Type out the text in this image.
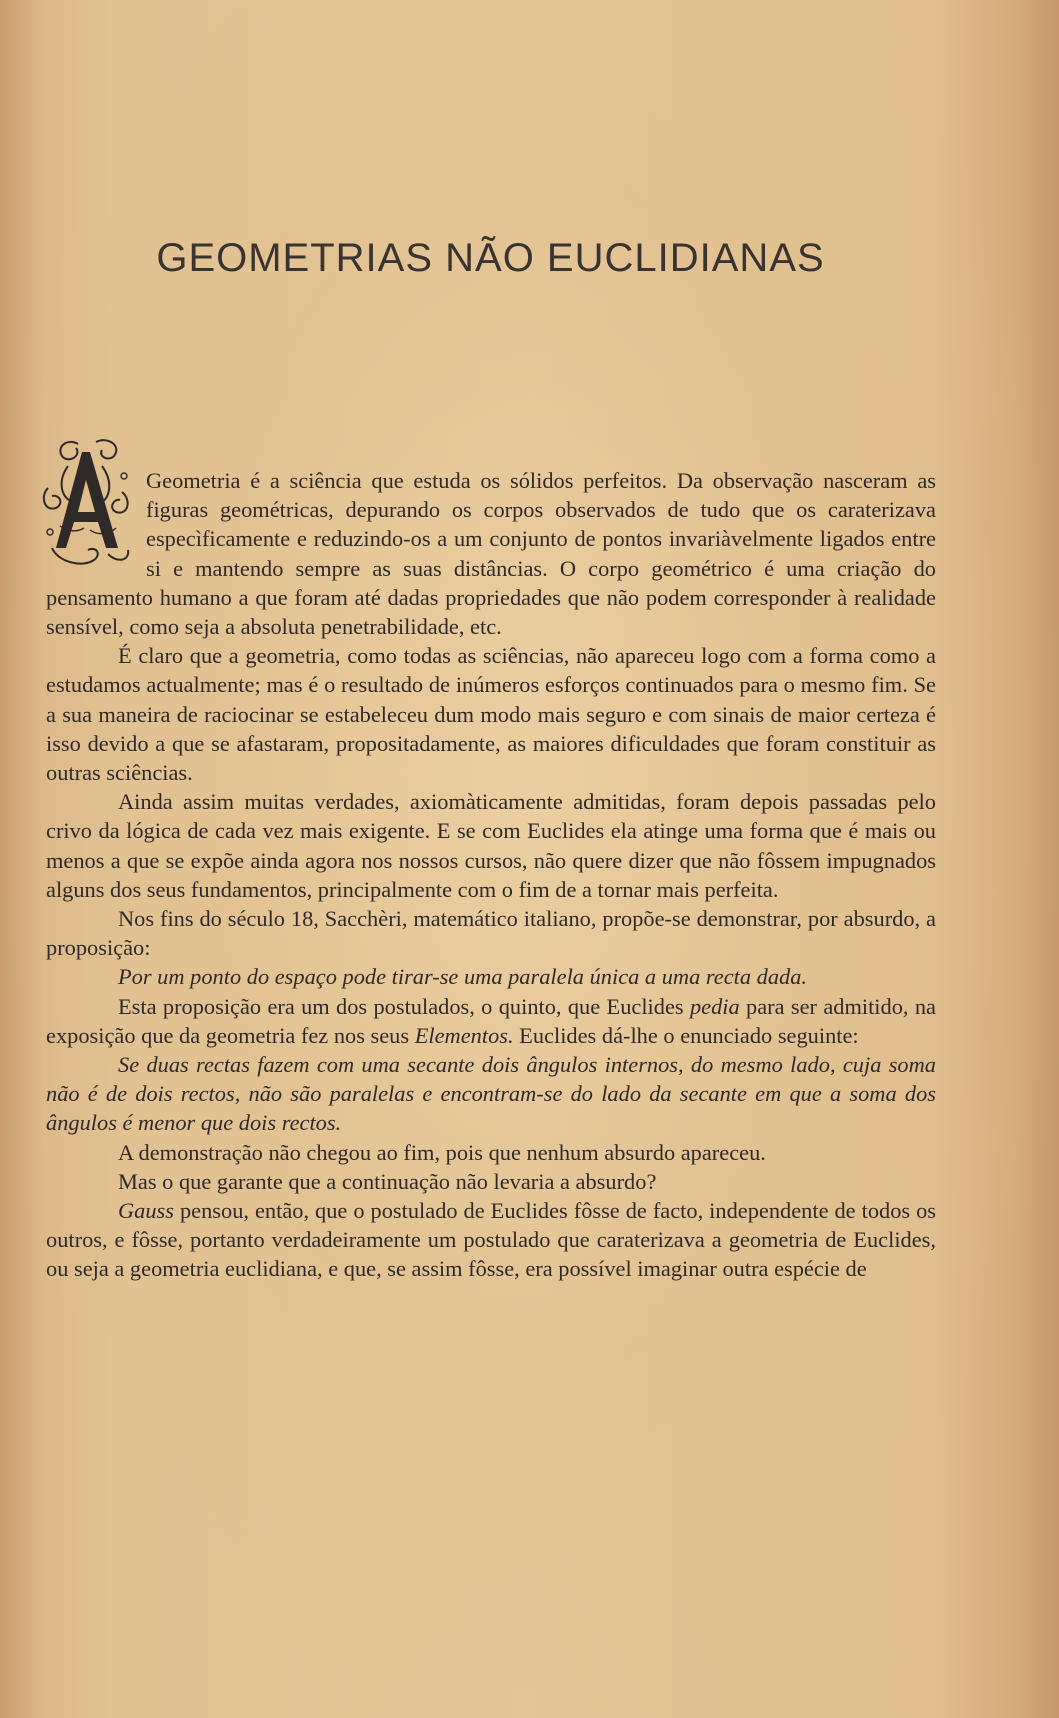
GEOMETRIAS NÃO EUCLIDIANAS

Geometria é a sciência que estuda os sólidos perfeitos. Da observação nasceram as figuras geométricas, depurando os corpos observados de tudo que os caraterizava especìficamente e reduzindo-os a um conjunto de pontos invariàvelmente ligados entre si e mantendo sempre as suas distâncias. O corpo geométrico é uma criação do pensamento humano a que foram até dadas propriedades que não podem corresponder à realidade sensível, como seja a absoluta penetrabilidade, etc.

É claro que a geometria, como todas as sciências, não apareceu logo com a forma como a estudamos actualmente; mas é o resultado de inúmeros esforços continuados para o mesmo fim. Se a sua maneira de raciocinar se estabeleceu dum modo mais seguro e com sinais de maior certeza é isso devido a que se afastaram, propositadamente, as maiores dificuldades que foram constituir as outras sciências.

Ainda assim muitas verdades, axiomàticamente admitidas, foram depois passadas pelo crivo da lógica de cada vez mais exigente. E se com Euclides ela atinge uma forma que é mais ou menos a que se expõe ainda agora nos nossos cursos, não quere dizer que não fôssem impugnados alguns dos seus fundamentos, principalmente com o fim de a tornar mais perfeita.

Nos fins do século 18, Sacchèri, matemático italiano, propõe-se demonstrar, por absurdo, a proposição:

Por um ponto do espaço pode tirar-se uma paralela única a uma recta dada.

Esta proposição era um dos postulados, o quinto, que Euclides pedia para ser admitido, na exposição que da geometria fez nos seus Elementos. Euclides dá-lhe o enunciado seguinte:

Se duas rectas fazem com uma secante dois ângulos internos, do mesmo lado, cuja soma não é de dois rectos, não são paralelas e encontram-se do lado da secante em que a soma dos ângulos é menor que dois rectos.

A demonstração não chegou ao fim, pois que nenhum absurdo apareceu.

Mas o que garante que a continuação não levaria a absurdo?

Gauss pensou, então, que o postulado de Euclides fôsse de facto, independente de todos os outros, e fôsse, portanto verdadeiramente um postulado que caraterizava a geometria de Euclides, ou seja a geometria euclidiana, e que, se assim fôsse, era possível imaginar outra espécie de
